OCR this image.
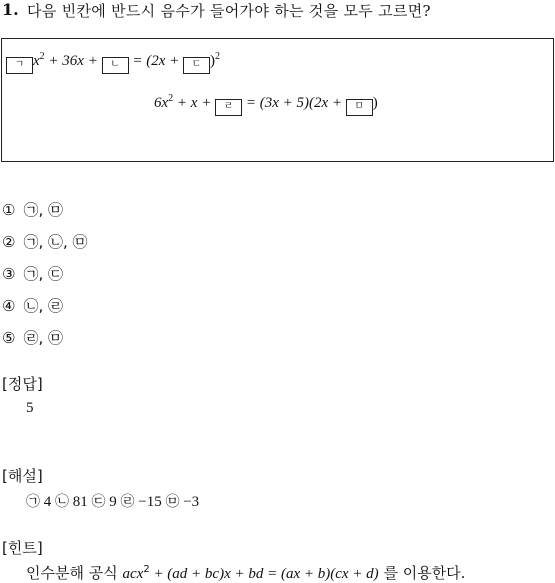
1. 다음 빈칸에 반드시 음수가 들어가야 하는 것을 모두 고르면?
ㄱ $x^2 + 36x$ + ㄴ = (2x + ㄷ )$^2$
$6x^2 + x$ + ㄹ = (3x + 5)(2x + ㅁ )
① ㉠, ㉤
② ㉠, ㉡, ㉤
③ ㉠, ㉢
④ ㉡, ㉣
⑤ ㉣, ㉤
[정답]
5
[해설]
㉠ 4 ㉡ 81 ㉢ 9 ㉣ −15 ㉤ −3
[힌트]
인수분해 공식 acx$^2$ + (ad + bc)x + bd = (ax + b)(cx + d) 를 이용한다.
